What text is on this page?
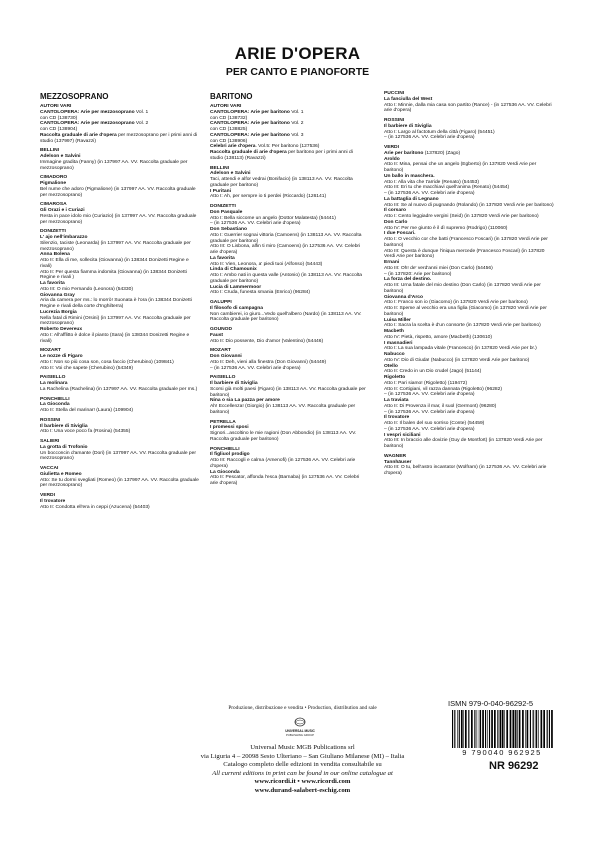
ARIE D'OPERA
PER CANTO E PIANOFORTE
MEZZOSOPRANO
AUTORI VARI
CANTOLOPERA: Arie per mezzosoprano Vol. 1
con CD (138730)
CANTOLOPERA: Arie per mezzosoprano Vol. 2
con CD (138904)
Raccolta graduale di arie d'opera per mezzosoprano per i primi anni di studio (137997) (Ravazzi)
BELLINI
Adelson e Salvini
Immagine gradita (Fanny) (in 137997 AA. VV. Raccolta graduale per mezzosoprano)
CIMADORO
Pigmalione
Bel nume che adoro (Pigmalione) (in 137997 AA. VV. Raccolta graduale per mezzosoprano)
CIMAROSA
Gli Orazi e i Curiazi
Resta in pace idolo mio (Curiazio) (in 137997 AA. VV. Raccolta graduale per mezzosoprano)
DONIZETTI
L' ajo nell'imbarazzo
Silenzio, taciste (Leonarda) (in 137997 AA. VV. Raccolta graduale per mezzosoprano)
Anna Bolena
Atto II: Ella di me, sollecita (Giovanna) (in 138344 Donizetti Regine e rivali)
Atto II: Per questa fiamma indomita (Giovanna) (in 138344 Donizetti Regine e rivali )
La favorita
Atto III: O mio Fernando (Leonora) (54330)
Giovanna Gray
Aria da camera per ms.: lo morrò! Suonata è l'ora (in 138344 Donizetti Regine e rivali della corte d'Inghilterra)
Lucrezia Borgia
Nella fatal di Rimini (Orsini) (in 137997 AA. VV. Raccolta graduale per mezzosoprano)
Roberto Devereux
Atto I: All'afflitto è dolce il pianto (Sara) (in 138344 Donizetti Regine e rivali)
MOZART
Le nozze di Figaro
Atto I: Non so più cosa son, cosa faccio (Cherubino) (109841)
Atto II: Voi che sapete (Cherubino) (54349)
PAISIELLO
La molinara
La Rachelina (Rachelina) (in 137997 AA. VV. Raccolta graduale per ms.)
PONCHIELLI
La Gioconda
Atto II: Stella del marinar! (Laura) (109904)
ROSSINI
Il barbiere di Siviglia
Atto I: Una voce poco fa (Rosina) (54355)
SALIERI
La grotta di Trofonio
Un bocconcin d'amante (Dori) (in 137997 AA. VV. Raccolta graduale per mezzosoprano)
VACCAI
Giulietta e Romeo
Atto: Se tu dormi svegliati (Romeo) (in 137997 AA. VV. Raccolta graduale per mezzosoprano)
VERDI
Il trovatore
Atto II: Condotta ell'era in ceppi (Azucena) (54403)
BARITONO
AUTORI VARI
CANTOLOPERA: Arie per baritono Vol. 1
con CD (138732)
CANTOLOPERA: Arie per baritono Vol. 2
con CD (138825)
CANTOLOPERA: Arie per baritono Vol. 3
con CD (138906)
Celebri arie d'opera. Vol.5: Per baritono (127536)
Raccolta graduale di arie d'opera per baritono per i primi anni di studio (138113) (Ravazzi)
BELLINI
Adelson e Salvini
Taci, attendi e alfor vedrai (Bonifacio) (in 138113 AA. VV. Raccolta graduale per baritono)
I Puritani
Atto I: Ah, per sempre io ti perdei (Riccardo) (126141)
DONIZETTI
Don Pasquale
Atto I: Bella siccome un angelo (Dottor Malatesta) (54441)
– (in 127536 AA. VV. Celebri arie d'opera)
Don Sebastiano
Atto I: Guerrier sognai vittoria (Camoens) (in 138113 AA. VV. Raccolta graduale per baritono)
Atto III: O Lisbona, alfin ti miro (Camoens) (in 127536 AA. VV. Celebri arie d'opera)
La favorita
Atto II: Vien, Leonora, a' piedi tuoi (Alfonso) (54443)
Linda di Chamounix
Atto I: Ambo nati in questa valle (Antonio) (in 138113 AA. VV. Raccolta graduale per baritono)
Lucia di Lammermoor
Atto I: Cruda, funesta smania (Enrico) (96284)
GALUPPI
Il filosofo di campagna
Non cambierei, io giuro...Vedo quell'albero (Nardo) (in 138113 AA. VV. Raccolta graduale per baritono)
GOUNOD
Faust
Atto II: Dio possente, Dio d'amor (Valentino) (54446)
MOZART
Don Giovanni
Atto II: Deh, vieni alla finestra (Don Giovanni) (54449)
– (in 127536 AA. VV. Celebri arie d'opera)
PAISIELLO
Il barbiere di Siviglia
Scorsi già molti paesi (Figaro) (in 138113 AA. VV. Raccolta graduale per baritono)
Nina o sia La pazza per amore
Ah! Eccellenza! (Giorgio) (in 138113 AA. VV. Raccolta graduale per baritono)
PETRELLA
I promessi sposi
Signori...ascoltino le mie ragioni (Don Abbondio) (in 138113 AA. VV. Raccolta graduale per baritono)
PONCHIELLI
Il figliuol prodigo
Atto III: Raccogli e calma (Amenofi) (in 127536 AA. VV. Celebri arie d'opera)
La Gioconda
Atto II: Pescator, affonda l'esca (Barnaba) (in 127536 AA. VV. Celebri arie d'opera)
PUCCINI
La fanciulla del West
Atto I: Minnie, dalla mia casa son partito (Rance) - (in 127536 AA. VV. Celebri arie d'opera)
ROSSINI
Il barbiere di Siviglia
Atto I: Largo al factotum della città (Figaro) (54451)
– (in 127536 AA. VV. Celebri arie d'opera)
VERDI
Arie per baritono (137820) (Zago)
Aroldo
Atto II: Mina, pensai che un angelo (Egberto) (in 137820 Verdi Arie per baritono)
Un ballo in maschera.
Atto I: Alla vita che t'arride (Renato) (54453)
Atto III: Eri tu che macchiavi quell'anima (Renato) (54454)
– (in 127536 AA. VV. Celebri arie d'opera)
La battaglia di Legnano
Atto III: Se al nuovo di pugnando (Rolando) (in 137820 Verdi Arie per baritono)
Il corsaro
Atto I: Cento leggiadre vergini (Seid) (in 137820 Verdi Arie per baritono)
Don Carlo
Atto IV: Per me giunto è il dì supremo (Rodrigo) (110060)
I due Foscari.
Atto I: O vecchio cor che batti (Francesco Foscari) (in 137820 Verdi Arie per baritono)
Atto III: Questa è dunque l'iniqua mercede (Francesco Foscari) (in 137820 Verdi Arie per baritono)
Ernani
Atto III: Oh! de' verd'anni miei (Don Carlo) (54456)
– (in 137820: Arie per baritono)
La forza del destino.
Atto III: Urna fatale del mio destino (Don Carlo) (in 137820 Verdi Arie per baritono)
Giovanna d'Arco
Atto I: Franco son io (Giacomo) (in 137820 Verdi Arie per baritono)
Atto II: Speme al vecchio era una figlia (Giacomo) (in 137820 Verdi Arie per baritono)
Luisa Miller
Atto I: Sacra la scelta è d'un consorte (in 137820 Verdi Arie per baritono)
Macbeth
Atto IV: Pietà, rispetto, amore (Macbeth) (130610)
I masnadieri
Atto I: La sua lampada vitale (Francesco) (in 137820 Verdi Arie per br.)
Nabucco
Atto IV: Dio di Giuda! (Nabucco) (in 137820 Verdi Arie per baritono)
Otello
Atto II: Credo in un Dio crudel (Jago) (51144)
Rigoletto
Atto I: Pari siamo! (Rigoletto) (119472)
Atto II: Cortigiani, vil razza dannata (Rigoletto) (96282)
– (in 127536 AA. VV. Celebri arie d'opera)
La traviata
Atto II: Di Provenza il mar, il suol (Germont) (96280)
– (in 127536 AA. VV. Celebri arie d'opera)
Il trovatore
Atto II: Il balen del suo sorriso (Conte) (54459)
– (in 127536 AA. VV. Celebri arie d'opera)
I vespri siciliani
Atto III: In braccio alle dovizie (Guy de Montfort) (in 137820 Verdi Arie per baritono)
WAGNER
Tannhäuser
Atto III: O tu, bell'astro incantator (Wolfram) (in 127536 AA. VV. Celebri arie d'opera)
Produzione, distribuzione e vendita • Production, distribution and sale
UNIVERSAL MUSIC
PUBLISHING GROUP
Universal Music MGB Publications srl
via Liguria 4 – 20098 Sesto Ulteriano – San Giuliano Milanese (MI) – Italia
Catalogo completo delle edizioni in vendita consultabile su
All current editions in print can be found in our online catalogue at
www.ricordi.it • www.ricordi.com
www.durand-salabert-eschig.com
ISMN 979-0-040-96292-5
9 790040 962925
NR 96292
